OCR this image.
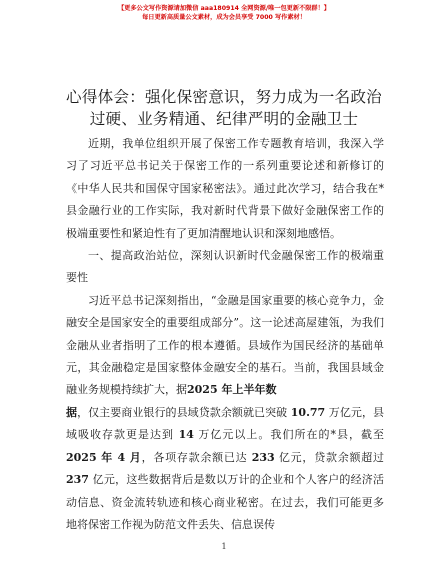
【更多公文写作资源请加微信 aaa180914 全网资源/唯一包更新不限群！】
每日更新高质量公文素材，成为会员享受 7000 写作素材！
心得体会：强化保密意识，努力成为一名政治
过硬、业务精通、纪律严明的金融卫士

近期，我单位组织开展了保密工作专题教育培训，我深入学习了习近平总书记关于保密工作的一系列重要论述和新修订的《中华人民共和国保守国家秘密法》。通过此次学习，结合我在*县金融行业的工作实际，我对新时代背景下做好金融保密工作的极端重要性和紧迫性有了更加清醒地认识和深刻地感悟。

一、提高政治站位，深刻认识新时代金融保密工作的极端重要性

习近平总书记深刻指出，“金融是国家重要的核心竞争力，金融安全是国家安全的重要组成部分”。这一论述高屋建瓴，为我们金融从业者指明了工作的根本遵循。县域作为国民经济的基础单元，其金融稳定是国家整体金融安全的基石。当前，我国县域金融业务规模持续扩大，据2025 年上半年数
据，仅主要商业银行的县域贷款余额就已突破 10.77 万亿元，县域吸收存款更是达到 14 万亿元以上。我们所在的*县，截至 2025 年 4 月，各项存款余额已达 233 亿元，贷款余额超过 237 亿元，这些数据背后是数以万计的企业和个人客户的经济活动信息、资金流转轨迹和核心商业秘密。在过去，我们可能更多地将保密工作视为防范文件丢失、信息误传

1
